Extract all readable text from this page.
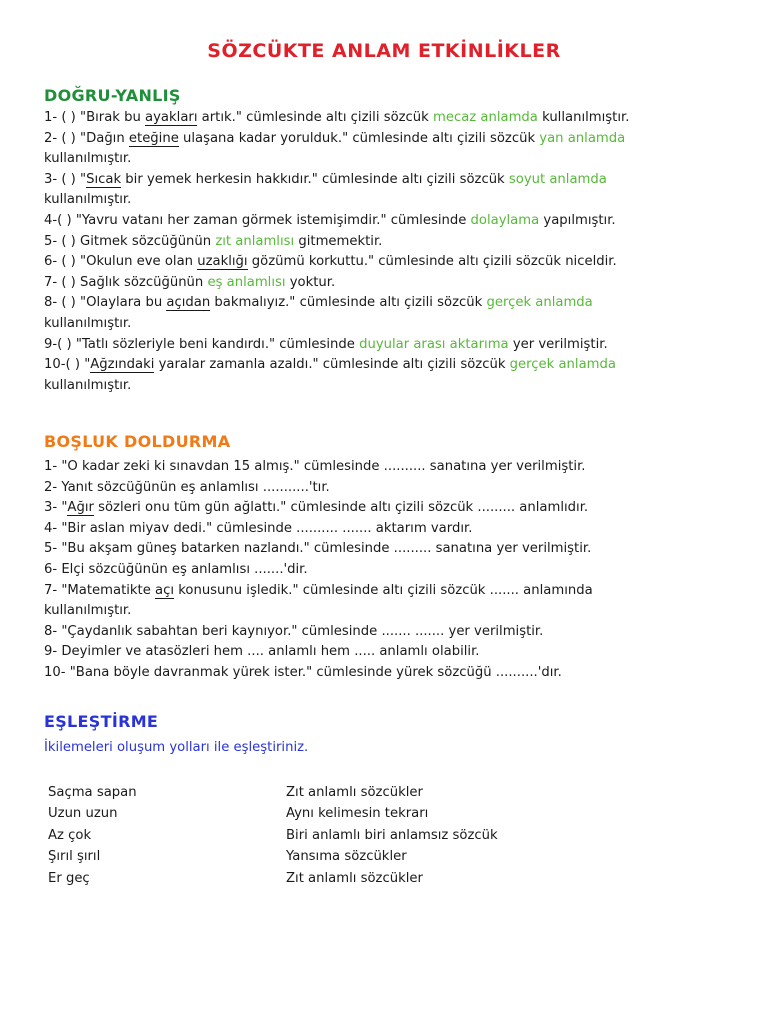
SÖZCÜKTE ANLAM ETKİNLİKLER
DOĞRU-YANLIŞ
1- ( ) "Bırak bu ayakları artık." cümlesinde altı çizili sözcük mecaz anlamda kullanılmıştır.
2- ( ) "Dağın eteğine ulaşana kadar yorulduk." cümlesinde altı çizili sözcük yan anlamda
kullanılmıştır.
3- ( ) "Sıcak bir yemek herkesin hakkıdır." cümlesinde altı çizili sözcük soyut anlamda
kullanılmıştır.
4-( ) "Yavru vatanı her zaman görmek istemişimdir." cümlesinde dolaylama yapılmıştır.
5- ( ) Gitmek sözcüğünün zıt anlamlısı gitmemektir.
6- ( ) "Okulun eve olan uzaklığı gözümü korkuttu." cümlesinde altı çizili sözcük niceldir.
7- ( ) Sağlık sözcüğünün eş anlamlısı yoktur.
8- ( ) "Olaylara bu açıdan bakmalıyız." cümlesinde altı çizili sözcük gerçek anlamda
kullanılmıştır.
9-( ) "Tatlı sözleriyle beni kandırdı." cümlesinde duyular arası aktarıma yer verilmiştir.
10-( ) "Ağzındaki yaralar zamanla azaldı." cümlesinde altı çizili sözcük gerçek anlamda
kullanılmıştır.
BOŞLUK DOLDURMA
1- "O kadar zeki ki sınavdan 15 almış." cümlesinde .......... sanatına yer verilmiştir.
2- Yanıt sözcüğünün eş anlamlısı ...........'tır.
3- "Ağır sözleri onu tüm gün ağlattı." cümlesinde altı çizili sözcük ......... anlamlıdır.
4- "Bir aslan miyav dedi." cümlesinde .......... ....... aktarım vardır.
5- "Bu akşam güneş batarken nazlandı." cümlesinde ......... sanatına yer verilmiştir.
6- Elçi sözcüğünün eş anlamlısı .......'dir.
7- "Matematikte açı konusunu işledik." cümlesinde altı çizili sözcük ....... anlamında
kullanılmıştır.
8- "Çaydanlık sabahtan beri kaynıyor." cümlesinde ....... ....... yer verilmiştir.
9- Deyimler ve atasözleri hem .... anlamlı hem ..... anlamlı olabilir.
10- "Bana böyle davranmak yürek ister." cümlesinde yürek sözcüğü ..........'dır.
EŞLEŞTİRME
İkilemeleri oluşum yolları ile eşleştiriniz.
Saçma sapan
Uzun uzun
Az çok
Şırıl şırıl
Er geç
Zıt anlamlı sözcükler
Aynı kelimesin tekrarı
Biri anlamlı biri anlamsız sözcük
Yansıma sözcükler
Zıt anlamlı sözcükler
